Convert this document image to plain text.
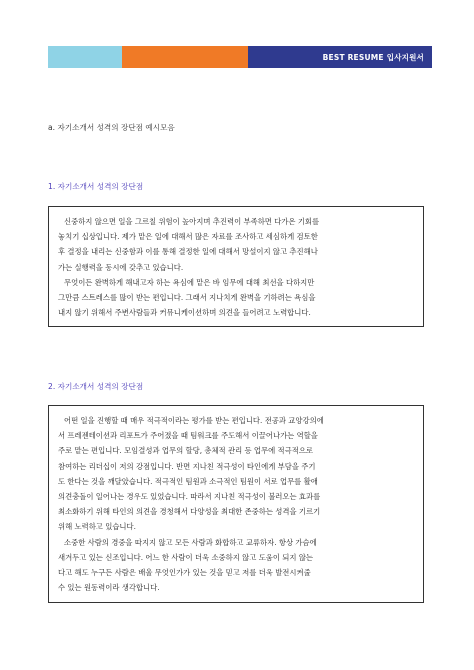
BEST RESUME 입사지원서
a. 자기소개서 성격의 장단점 예시모음
1. 자기소개서 성격의 장단점
신중하지 않으면 일을 그르칠 위험이 높아지며 추진력이 부족하면 다가온 기회를
놓치기 십상입니다. 제가 맡은 일에 대해서 많은 자료를 조사하고 세심하게 검토한
후 결정을 내리는 신중함과 이를 통해 결정한 일에 대해서 망설이지 않고 추진해나
가는 실행력을 동시에 갖추고 있습니다.
무엇이든 완벽하게 해내고자 하는 욕심에 맡은 바 임무에 대해 최선을 다하지만
그만큼 스트레스를 많이 받는 편입니다. 그래서 지나치게 완벽을 기하려는 욕심을
내지 않기 위해서 주변사람들과 커뮤니케이션하며 의견을 들어려고 노력합니다.
2. 자기소개서 성격의 장단점
어떤 일을 진행할 때 매우 적극적이라는 평가를 받는 편입니다. 전공과 교양강의에
서 프레젠테이션과 리포트가 주어졌을 때 팀워크를 주도해서 이끌어나가는 역할을
주로 맡는 편입니다. 모임결성과 업무의 할당, 총체적 관리 등 업무에 적극적으로
참여하는 리더십이 저의 강점입니다. 반면 지나친 적극성이 타인에게 부담을 주기
도 한다는 것을 깨달았습니다. 적극적인 팀원과 소극적인 팀원이 서로 업무를 활애
의견충돌이 일어나는 경우도 있었습니다. 따라서 지나친 적극성이 불러오는 효과를
최소화하기 위해 타인의 의견을 경청해서 다양성을 최대한 존중하는 성격을 기르기
위해 노력하고 있습니다.
소중한 사람의 경중을 따지지 않고 모든 사람과 화합하고 교류하자. 항상 가슴에
새겨두고 있는 신조입니다. 어느 한 사람이 더욱 소중하지 않고 도움이 되지 않는
다고 해도 누구든 사람은 배울 무엇인가가 있는 것을 믿고 저를 더욱 발전시켜줄
수 있는 원동력이라 생각합니다.
